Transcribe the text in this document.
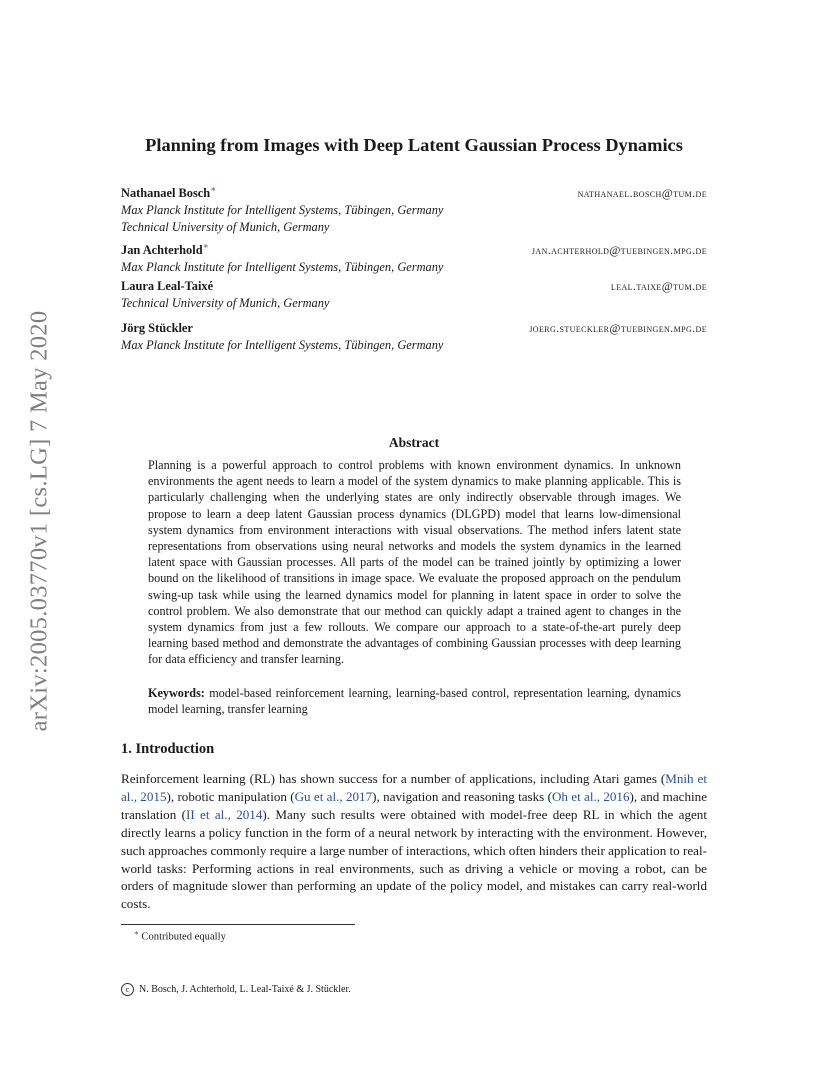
arXiv:2005.03770v1 [cs.LG] 7 May 2020
Planning from Images with Deep Latent Gaussian Process Dynamics
Nathanael Bosch∗	nathanael.bosch@tum.de
Max Planck Institute for Intelligent Systems, Tübingen, Germany
Technical University of Munich, Germany
Jan Achterhold∗	jan.achterhold@tuebingen.mpg.de
Max Planck Institute for Intelligent Systems, Tübingen, Germany
Laura Leal-Taixé	leal.taixe@tum.de
Technical University of Munich, Germany
Jörg Stückler	joerg.stueckler@tuebingen.mpg.de
Max Planck Institute for Intelligent Systems, Tübingen, Germany
Abstract

Planning is a powerful approach to control problems with known environment dynamics. In unknown environments the agent needs to learn a model of the system dynamics to make planning applicable. This is particularly challenging when the underlying states are only indirectly observable through images. We propose to learn a deep latent Gaussian process dynamics (DLGPD) model that learns low-dimensional system dynamics from environment interactions with visual observations. The method infers latent state representations from observations using neural networks and models the system dynamics in the learned latent space with Gaussian processes. All parts of the model can be trained jointly by optimizing a lower bound on the likelihood of transitions in image space. We evaluate the proposed approach on the pendulum swing-up task while using the learned dynamics model for planning in latent space in order to solve the control problem. We also demonstrate that our method can quickly adapt a trained agent to changes in the system dynamics from just a few rollouts. We compare our approach to a state-of-the-art purely deep learning based method and demonstrate the advantages of combining Gaussian processes with deep learning for data efficiency and transfer learning.

Keywords: model-based reinforcement learning, learning-based control, representation learning, dynamics model learning, transfer learning

1. Introduction

Reinforcement learning (RL) has shown success for a number of applications, including Atari games (Mnih et al., 2015), robotic manipulation (Gu et al., 2017), navigation and reasoning tasks (Oh et al., 2016), and machine translation (II et al., 2014). Many such results were obtained with model-free deep RL in which the agent directly learns a policy function in the form of a neural network by interacting with the environment. However, such approaches commonly require a large number of interactions, which often hinders their application to real-world tasks: Performing actions in real environments, such as driving a vehicle or moving a robot, can be orders of magnitude slower than performing an update of the policy model, and mistakes can carry real-world costs.

∗ Contributed equally
c N. Bosch, J. Achterhold, L. Leal-Taixé & J. Stückler.
